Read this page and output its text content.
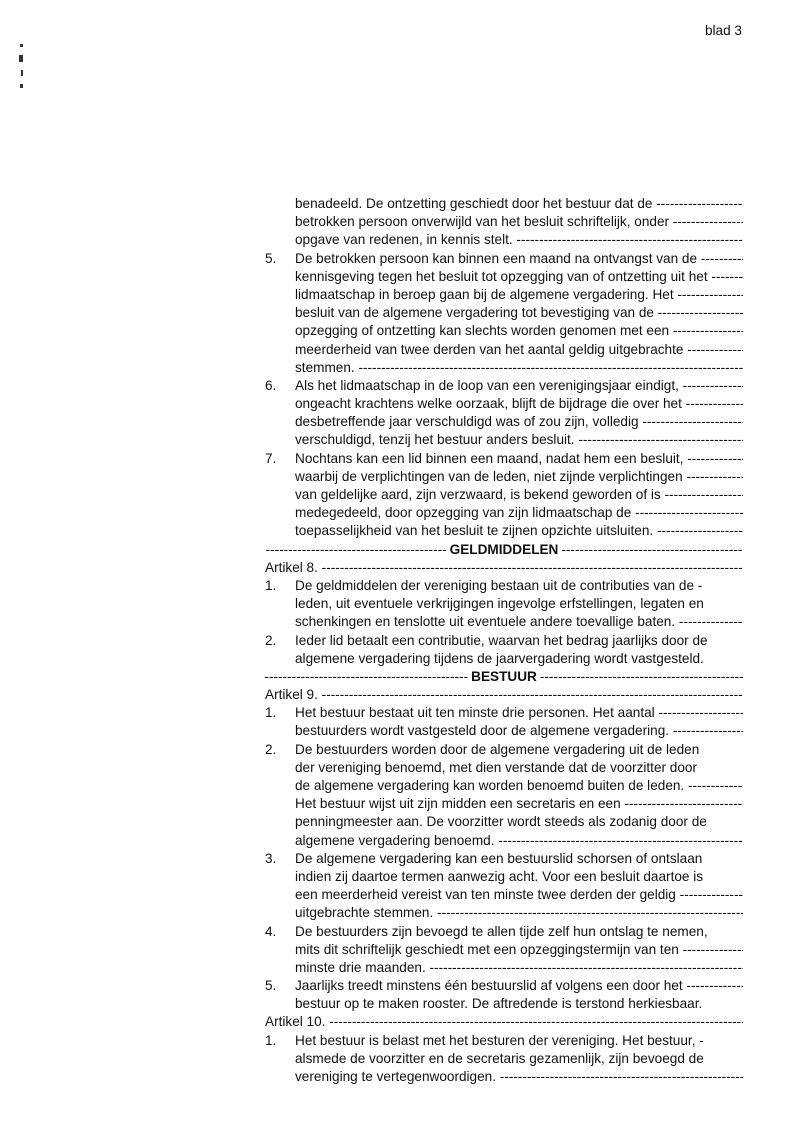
blad 3
benadeeld. De ontzetting geschiedt door het bestuur dat de -----
betrokken persoon onverwijld van het besluit schriftelijk, onder -----
opgave van redenen, in kennis stelt. -----
5.	De betrokken persoon kan binnen een maand na ontvangst van de -----
kennisgeving tegen het besluit tot opzegging van of ontzetting uit het -----
lidmaatschap in beroep gaan bij de algemene vergadering. Het -----
besluit van de algemene vergadering tot bevestiging van de -----
opzegging of ontzetting kan slechts worden genomen met een -----
meerderheid van twee derden van het aantal geldig uitgebrachte -----
stemmen. -----
6.	Als het lidmaatschap in de loop van een verenigingsjaar eindigt, -----
ongeacht krachtens welke oorzaak, blijft de bijdrage die over het -----
desbetreffende jaar verschuldigd was of zou zijn, volledig -----
verschuldigd, tenzij het bestuur anders besluit. -----
7.	Nochtans kan een lid binnen een maand, nadat hem een besluit, -----
waarbij de verplichtingen van de leden, niet zijnde verplichtingen -----
van geldelijke aard, zijn verzwaard, is bekend geworden of is -----
medegedeeld, door opzegging van zijn lidmaatschap de -----
toepasselijkheid van het besluit te zijnen opzichte uitsluiten. -----
-----
GELDMIDDELEN
-----
Artikel 8. -----
1.	De geldmiddelen der vereniging bestaan uit de contributies van de -
leden, uit eventuele verkrijgingen ingevolge erfstellingen, legaten en
schenkingen en tenslotte uit eventuele andere toevallige baten. -----
2.	Ieder lid betaalt een contributie, waarvan het bedrag jaarlijks door de
algemene vergadering tijdens de jaarvergadering wordt vastgesteld.
-----
BESTUUR
-----
Artikel 9. -----
1.	Het bestuur bestaat uit ten minste drie personen. Het aantal -----
bestuurders wordt vastgesteld door de algemene vergadering. -----
2.	De bestuurders worden door de algemene vergadering uit de leden
der vereniging benoemd, met dien verstande dat de voorzitter door
de algemene vergadering kan worden benoemd buiten de leden. -----
Het bestuur wijst uit zijn midden een secretaris en een -----
penningmeester aan. De voorzitter wordt steeds als zodanig door de
algemene vergadering benoemd. -----
3.	De algemene vergadering kan een bestuurslid schorsen of ontslaan
indien zij daartoe termen aanwezig acht. Voor een besluit daartoe is
een meerderheid vereist van ten minste twee derden der geldig -----
uitgebrachte stemmen. -----
4.	De bestuurders zijn bevoegd te allen tijde zelf hun ontslag te nemen,
mits dit schriftelijk geschiedt met een opzeggingstermijn van ten -----
minste drie maanden. -----
5.	Jaarlijks treedt minstens één bestuurslid af volgens een door het -----
bestuur op te maken rooster. De aftredende is terstond herkiesbaar.
Artikel 10. -----
1.	Het bestuur is belast met het besturen der vereniging. Het bestuur, -
alsmede de voorzitter en de secretaris gezamenlijk, zijn bevoegd de
vereniging te vertegenwoordigen. -----
